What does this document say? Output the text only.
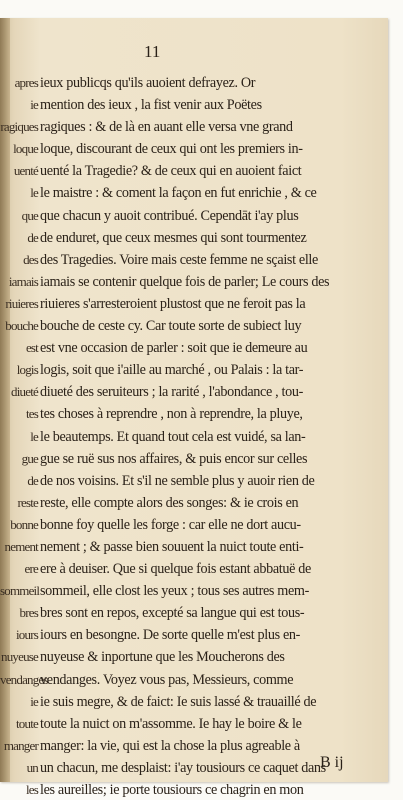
11
apres ieux publicqs qu'ils auoient defrayez. Or
ie mention des ieux , la fist venir aux Poëtes
ragiques ragiques : & de là en auant elle versa vne grand
loque loque, discourant de ceux qui ont les premiers in-
uenté uenté la Tragedie? & de ceux qui en auoient faict
le le maistre : & coment la façon en fut enrichie , & ce
que que chacun y auoit contribué. Cependāt i'ay plus
de de enduret, que ceux mesmes qui sont tourmentez
des des Tragedies. Voire mais ceste femme ne sçaist elle
iamais iamais se contenir quelque fois de parler; Le cours des
riuieres riuieres s'arresteroient plustost que ne feroit pas la
bouche bouche de ceste cy. Car toute sorte de subiect luy
est est vne occasion de parler : soit que ie demeure au
logis logis, soit que i'aille au marché , ou Palais : la tar-
diueté diueté des seruiteurs ; la rarité , l'abondance , tou-
tes tes choses à reprendre , non à reprendre, la pluye,
le le beautemps. Et quand tout cela est vuidé, sa lan-
gue gue se ruë sus nos affaires, & puis encor sur celles
de de nos voisins. Et s'il ne semble plus y auoir rien de
reste reste, elle compte alors des songes: & ie crois en
bonne bonne foy quelle les forge : car elle ne dort aucu-
nement nement ; & passe bien souuent la nuict toute enti-
ere ere à deuiser. Que si quelque fois estant abbatuë de
sommeilsommeil, elle clost les yeux ; tous ses autres mem-
bres bres sont en repos, excepté sa langue qui est tous-
iours iours en besongne. De sorte quelle m'est plus en-
nuyeuse nuyeuse & inportune que les Moucherons des
vendangesvendanges. Voyez vous pas, Messieurs, comme
ie ie suis megre, & de faict: Ie suis lassé & trauaillé de
toute toute la nuict on m'assomme. Ie hay le boire & le
manger manger: la vie, qui est la chose la plus agreable à
un un chacun, me desplaist: i'ay tousiours ce caquet dans
les les aureilles; ie porte tousiours ce chagrin en mon
B ij
